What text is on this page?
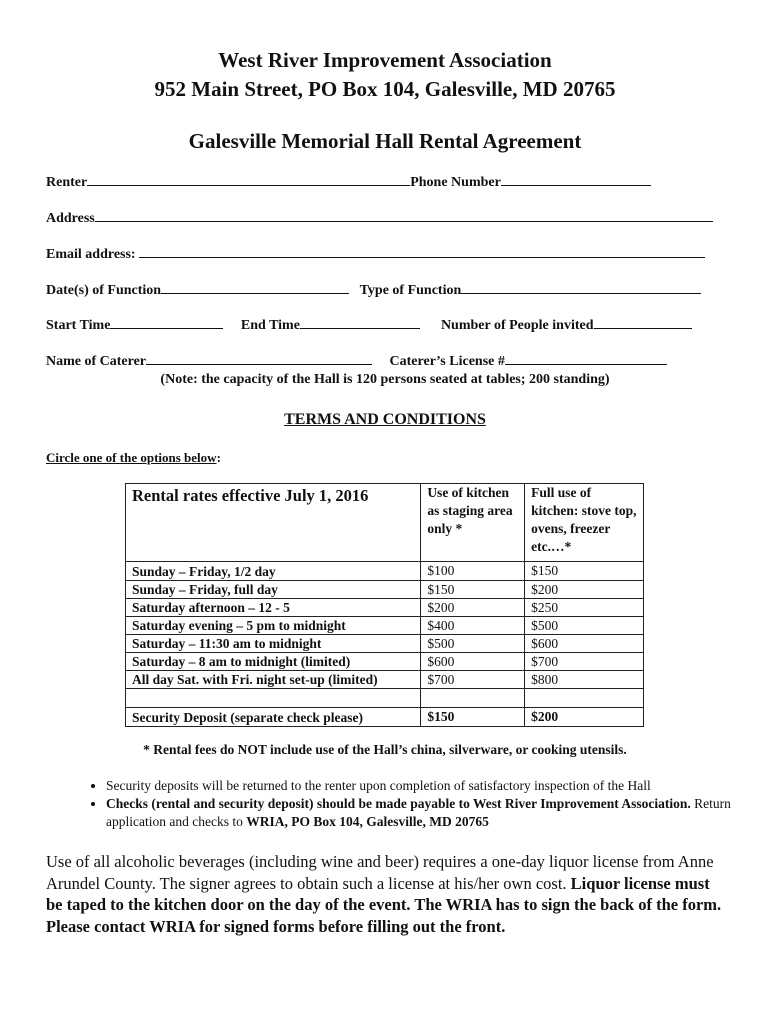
West River Improvement Association
952 Main Street, PO Box 104, Galesville, MD 20765
Galesville Memorial Hall Rental Agreement
Renter	Phone Number
Address
Email address:
Date(s) of Function	Type of Function
Start Time	End Time	Number of People invited
Name of Caterer	Caterer’s License #
(Note: the capacity of the Hall is 120 persons seated at tables; 200 standing)
TERMS AND CONDITIONS
Circle one of the options below:
Rental rates effective July 1, 2016	Use of kitchen as staging area only *	Full use of kitchen: stove top, ovens, freezer etc.…*
Sunday – Friday, 1/2 day	$100	$150
Sunday – Friday, full day	$150	$200
Saturday afternoon – 12 - 5	$200	$250
Saturday evening – 5 pm to midnight	$400	$500
Saturday – 11:30 am to midnight	$500	$600
Saturday – 8 am to midnight (limited)	$600	$700
All day Sat. with Fri. night set-up (limited)	$700	$800

Security Deposit (separate check please)	$150	$200
* Rental fees do NOT include use of the Hall’s china, silverware, or cooking utensils.
• Security deposits will be returned to the renter upon completion of satisfactory inspection of the Hall
• Checks (rental and security deposit) should be made payable to West River Improvement Association. Return application and checks to WRIA, PO Box 104, Galesville, MD 20765
Use of all alcoholic beverages (including wine and beer) requires a one-day liquor license from Anne Arundel County. The signer agrees to obtain such a license at his/her own cost. Liquor license must be taped to the kitchen door on the day of the event. The WRIA has to sign the back of the form. Please contact WRIA for signed forms before filling out the front.
